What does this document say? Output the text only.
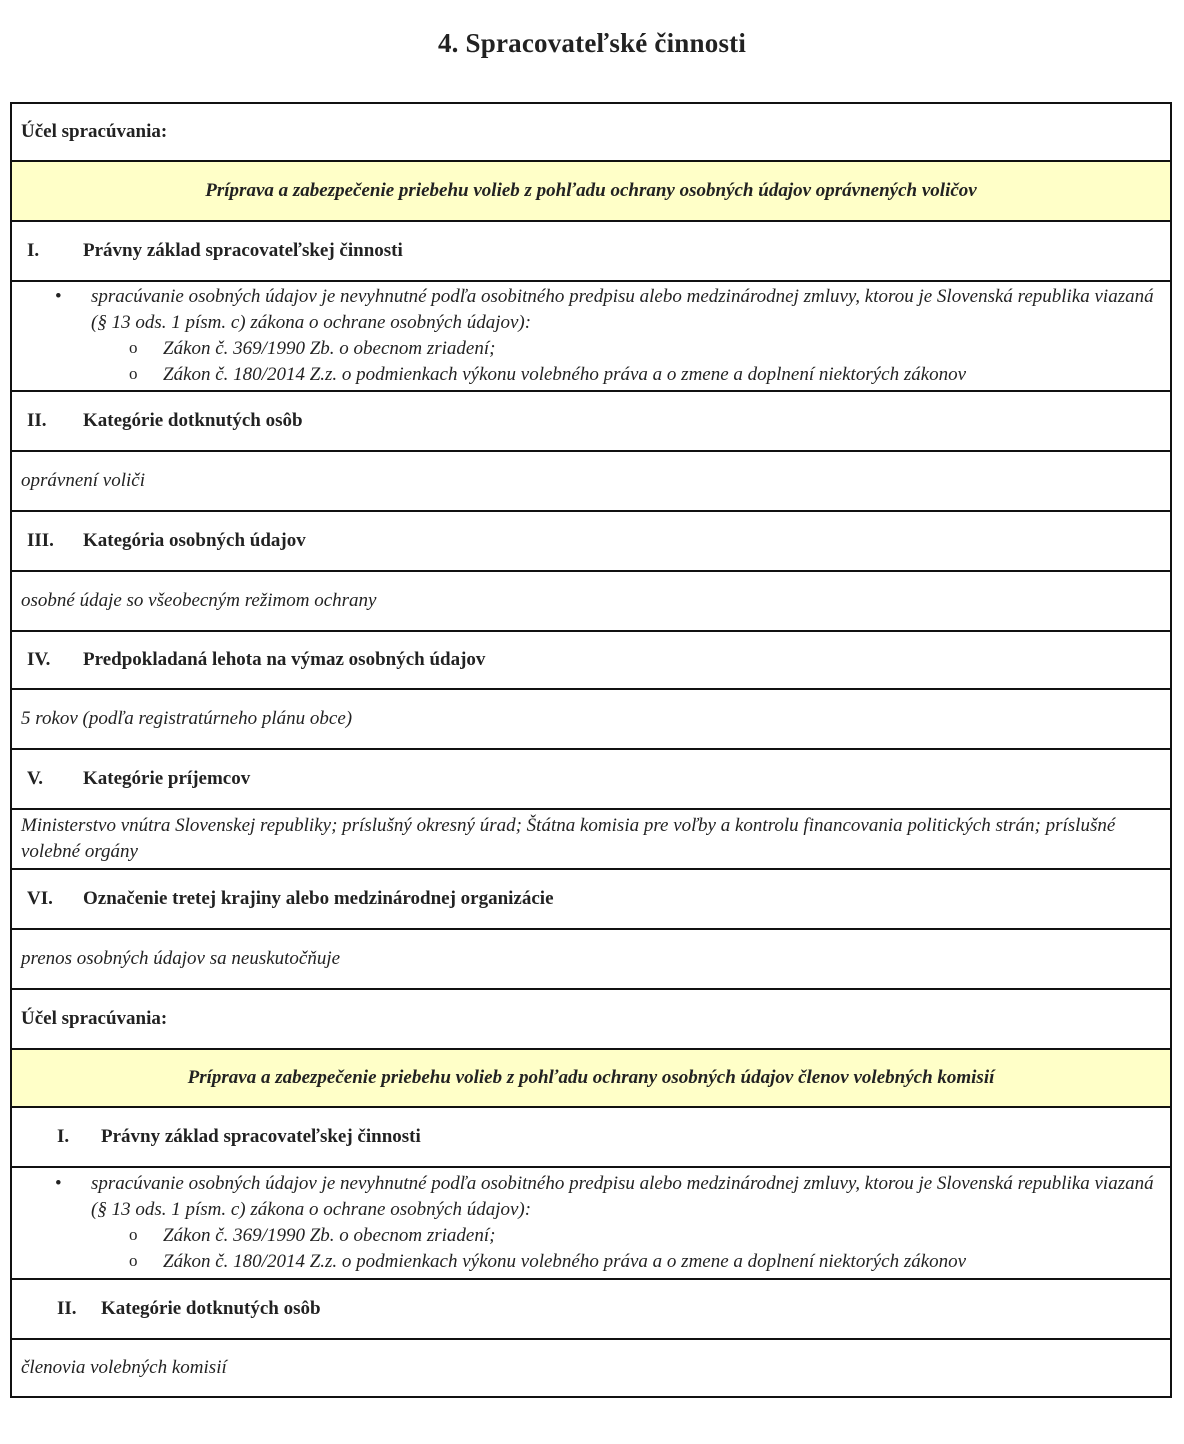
4. Spracovateľské činnosti
Účel spracúvania:
Príprava a zabezpečenie priebehu volieb z pohľadu ochrany osobných údajov oprávnených voličov
I. Právny základ spracovateľskej činnosti

• spracúvanie osobných údajov je nevyhnutné podľa osobitného predpisu alebo medzinárodnej zmluvy, ktorou je Slovenská republika viazaná (§ 13 ods. 1 písm. c) zákona o ochrane osobných údajov):
o Zákon č. 369/1990 Zb. o obecnom zriadení;
o Zákon č. 180/2014 Z.z. o podmienkach výkonu volebného práva a o zmene a doplnení niektorých zákonov

II. Kategórie dotknutých osôb
oprávnení voliči
III. Kategória osobných údajov
osobné údaje so všeobecným režimom ochrany
IV. Predpokladaná lehota na výmaz osobných údajov
5 rokov (podľa registratúrneho plánu obce)
V. Kategórie príjemcov
Ministerstvo vnútra Slovenskej republiky; príslušný okresný úrad; Štátna komisia pre voľby a kontrolu financovania politických strán; príslušné volebné orgány
VI. Označenie tretej krajiny alebo medzinárodnej organizácie
prenos osobných údajov sa neuskutočňuje
Účel spracúvania:
Príprava a zabezpečenie priebehu volieb z pohľadu ochrany osobných údajov členov volebných komisií
I. Právny základ spracovateľskej činnosti

• spracúvanie osobných údajov je nevyhnutné podľa osobitného predpisu alebo medzinárodnej zmluvy, ktorou je Slovenská republika viazaná (§ 13 ods. 1 písm. c) zákona o ochrane osobných údajov):
o Zákon č. 369/1990 Zb. o obecnom zriadení;
o Zákon č. 180/2014 Z.z. o podmienkach výkonu volebného práva a o zmene a doplnení niektorých zákonov

II. Kategórie dotknutých osôb
členovia volebných komisií
